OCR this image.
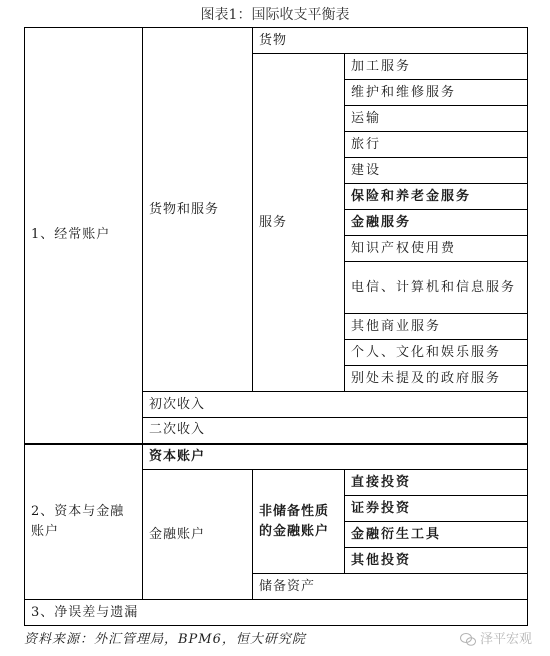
图表1：国际收支平衡表
1、经常账户	货物和服务	货物	
		服务	加工服务
			维护和维修服务
			运输
			旅行
			建设
			保险和养老金服务
			金融服务
			知识产权使用费
			电信、计算机和信息服务
			其他商业服务
			个人、文化和娱乐服务
			别处未提及的政府服务
	初次收入		
	二次收入		
2、资本与金融账户	资本账户		
	金融账户	非储备性质的金融账户	直接投资
			证券投资
			金融衍生工具
			其他投资
		储备资产	
3、净误差与遗漏			
资料来源：外汇管理局，BPM6，恒大研究院	泽平宏观
